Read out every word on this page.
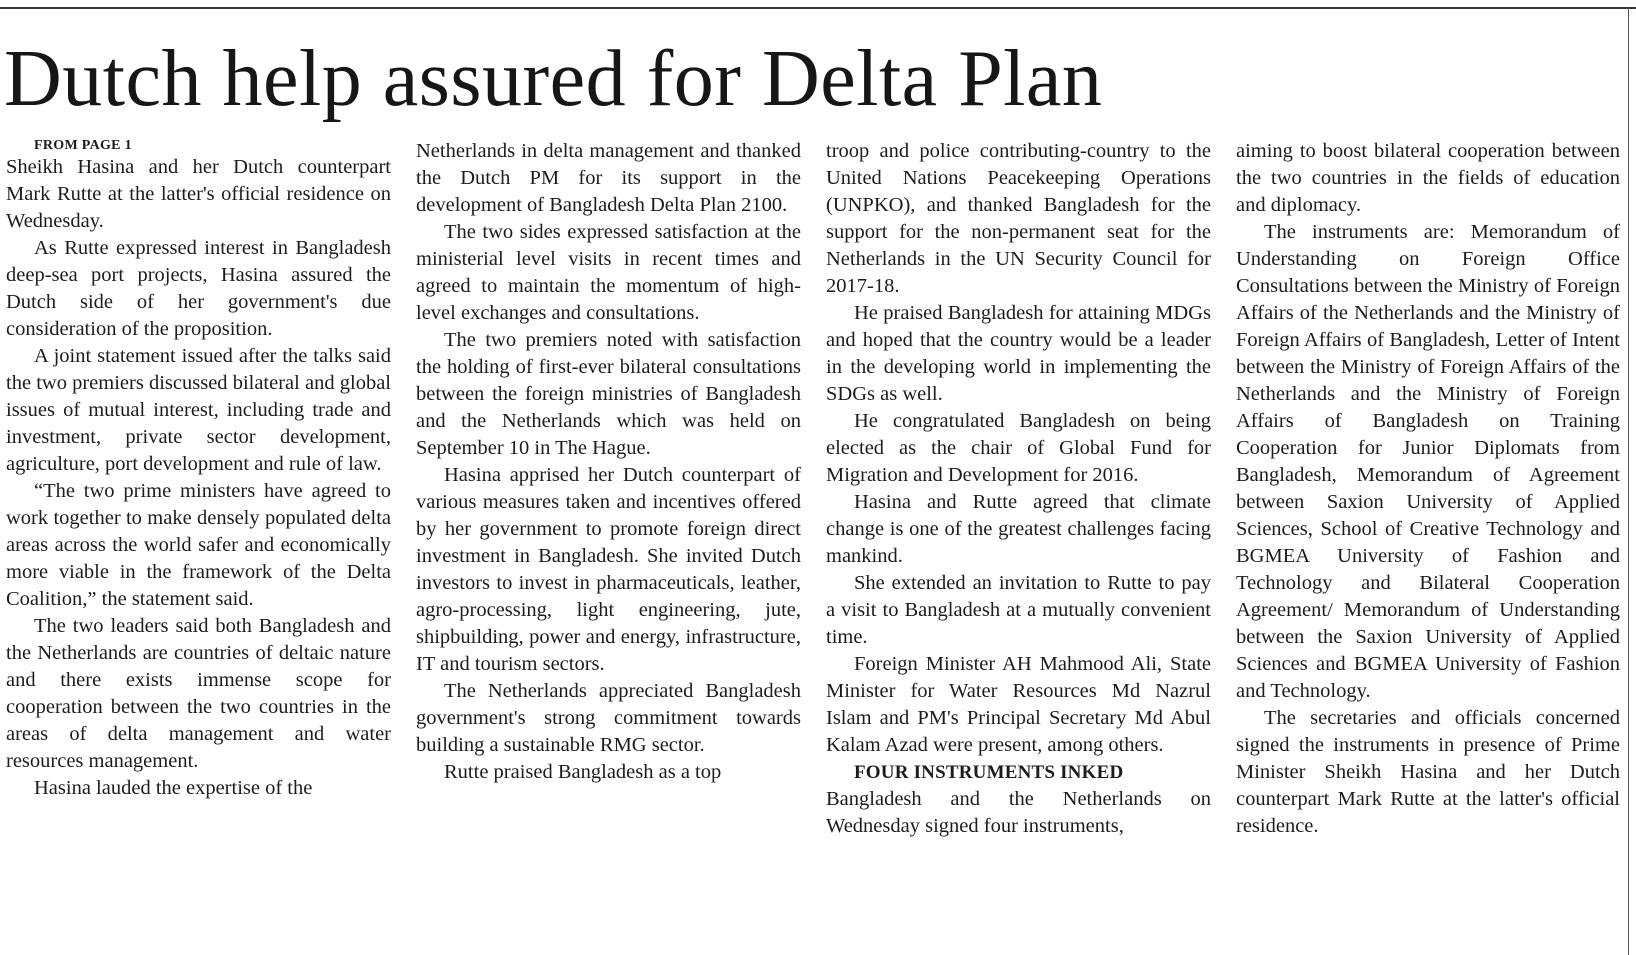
Dutch help assured for Delta Plan

FROM PAGE 1

Sheikh Hasina and her Dutch counterpart Mark Rutte at the latter's official residence on Wednesday.

As Rutte expressed interest in Bangladesh deep-sea port projects, Hasina assured the Dutch side of her government's due consideration of the proposition.

A joint statement issued after the talks said the two premiers discussed bilateral and global issues of mutual interest, including trade and investment, private sector development, agriculture, port development and rule of law.

“The two prime ministers have agreed to work together to make densely populated delta areas across the world safer and economically more viable in the framework of the Delta Coalition,” the statement said.

The two leaders said both Bangladesh and the Netherlands are countries of deltaic nature and there exists immense scope for cooperation between the two countries in the areas of delta management and water resources management.

Hasina lauded the expertise of the

Netherlands in delta management and thanked the Dutch PM for its support in the development of Bangladesh Delta Plan 2100.

The two sides expressed satisfaction at the ministerial level visits in recent times and agreed to maintain the momentum of high-level exchanges and consultations.

The two premiers noted with satisfaction the holding of first-ever bilateral consultations between the foreign ministries of Bangladesh and the Netherlands which was held on September 10 in The Hague.

Hasina apprised her Dutch counterpart of various measures taken and incentives offered by her government to promote foreign direct investment in Bangladesh. She invited Dutch investors to invest in pharmaceuticals, leather, agro-processing, light engineering, jute, shipbuilding, power and energy, infrastructure, IT and tourism sectors.

The Netherlands appreciated Bangladesh government's strong commitment towards building a sustainable RMG sector.

Rutte praised Bangladesh as a top

troop and police contributing-country to the United Nations Peacekeeping Operations (UNPKO), and thanked Bangladesh for the support for the non-permanent seat for the Netherlands in the UN Security Council for 2017-18.

He praised Bangladesh for attaining MDGs and hoped that the country would be a leader in the developing world in implementing the SDGs as well.

He congratulated Bangladesh on being elected as the chair of Global Fund for Migration and Development for 2016.

Hasina and Rutte agreed that climate change is one of the greatest challenges facing mankind.

She extended an invitation to Rutte to pay a visit to Bangladesh at a mutually convenient time.

Foreign Minister AH Mahmood Ali, State Minister for Water Resources Md Nazrul Islam and PM's Principal Secretary Md Abul Kalam Azad were present, among others.

FOUR INSTRUMENTS INKED

Bangladesh and the Netherlands on Wednesday signed four instruments,

aiming to boost bilateral cooperation between the two countries in the fields of education and diplomacy.

The instruments are: Memorandum of Understanding on Foreign Office Consultations between the Ministry of Foreign Affairs of the Netherlands and the Ministry of Foreign Affairs of Bangladesh, Letter of Intent between the Ministry of Foreign Affairs of the Netherlands and the Ministry of Foreign Affairs of Bangladesh on Training Cooperation for Junior Diplomats from Bangladesh, Memorandum of Agreement between Saxion University of Applied Sciences, School of Creative Technology and BGMEA University of Fashion and Technology and Bilateral Cooperation Agreement/ Memorandum of Understanding between the Saxion University of Applied Sciences and BGMEA University of Fashion and Technology.

The secretaries and officials concerned signed the instruments in presence of Prime Minister Sheikh Hasina and her Dutch counterpart Mark Rutte at the latter's official residence.
